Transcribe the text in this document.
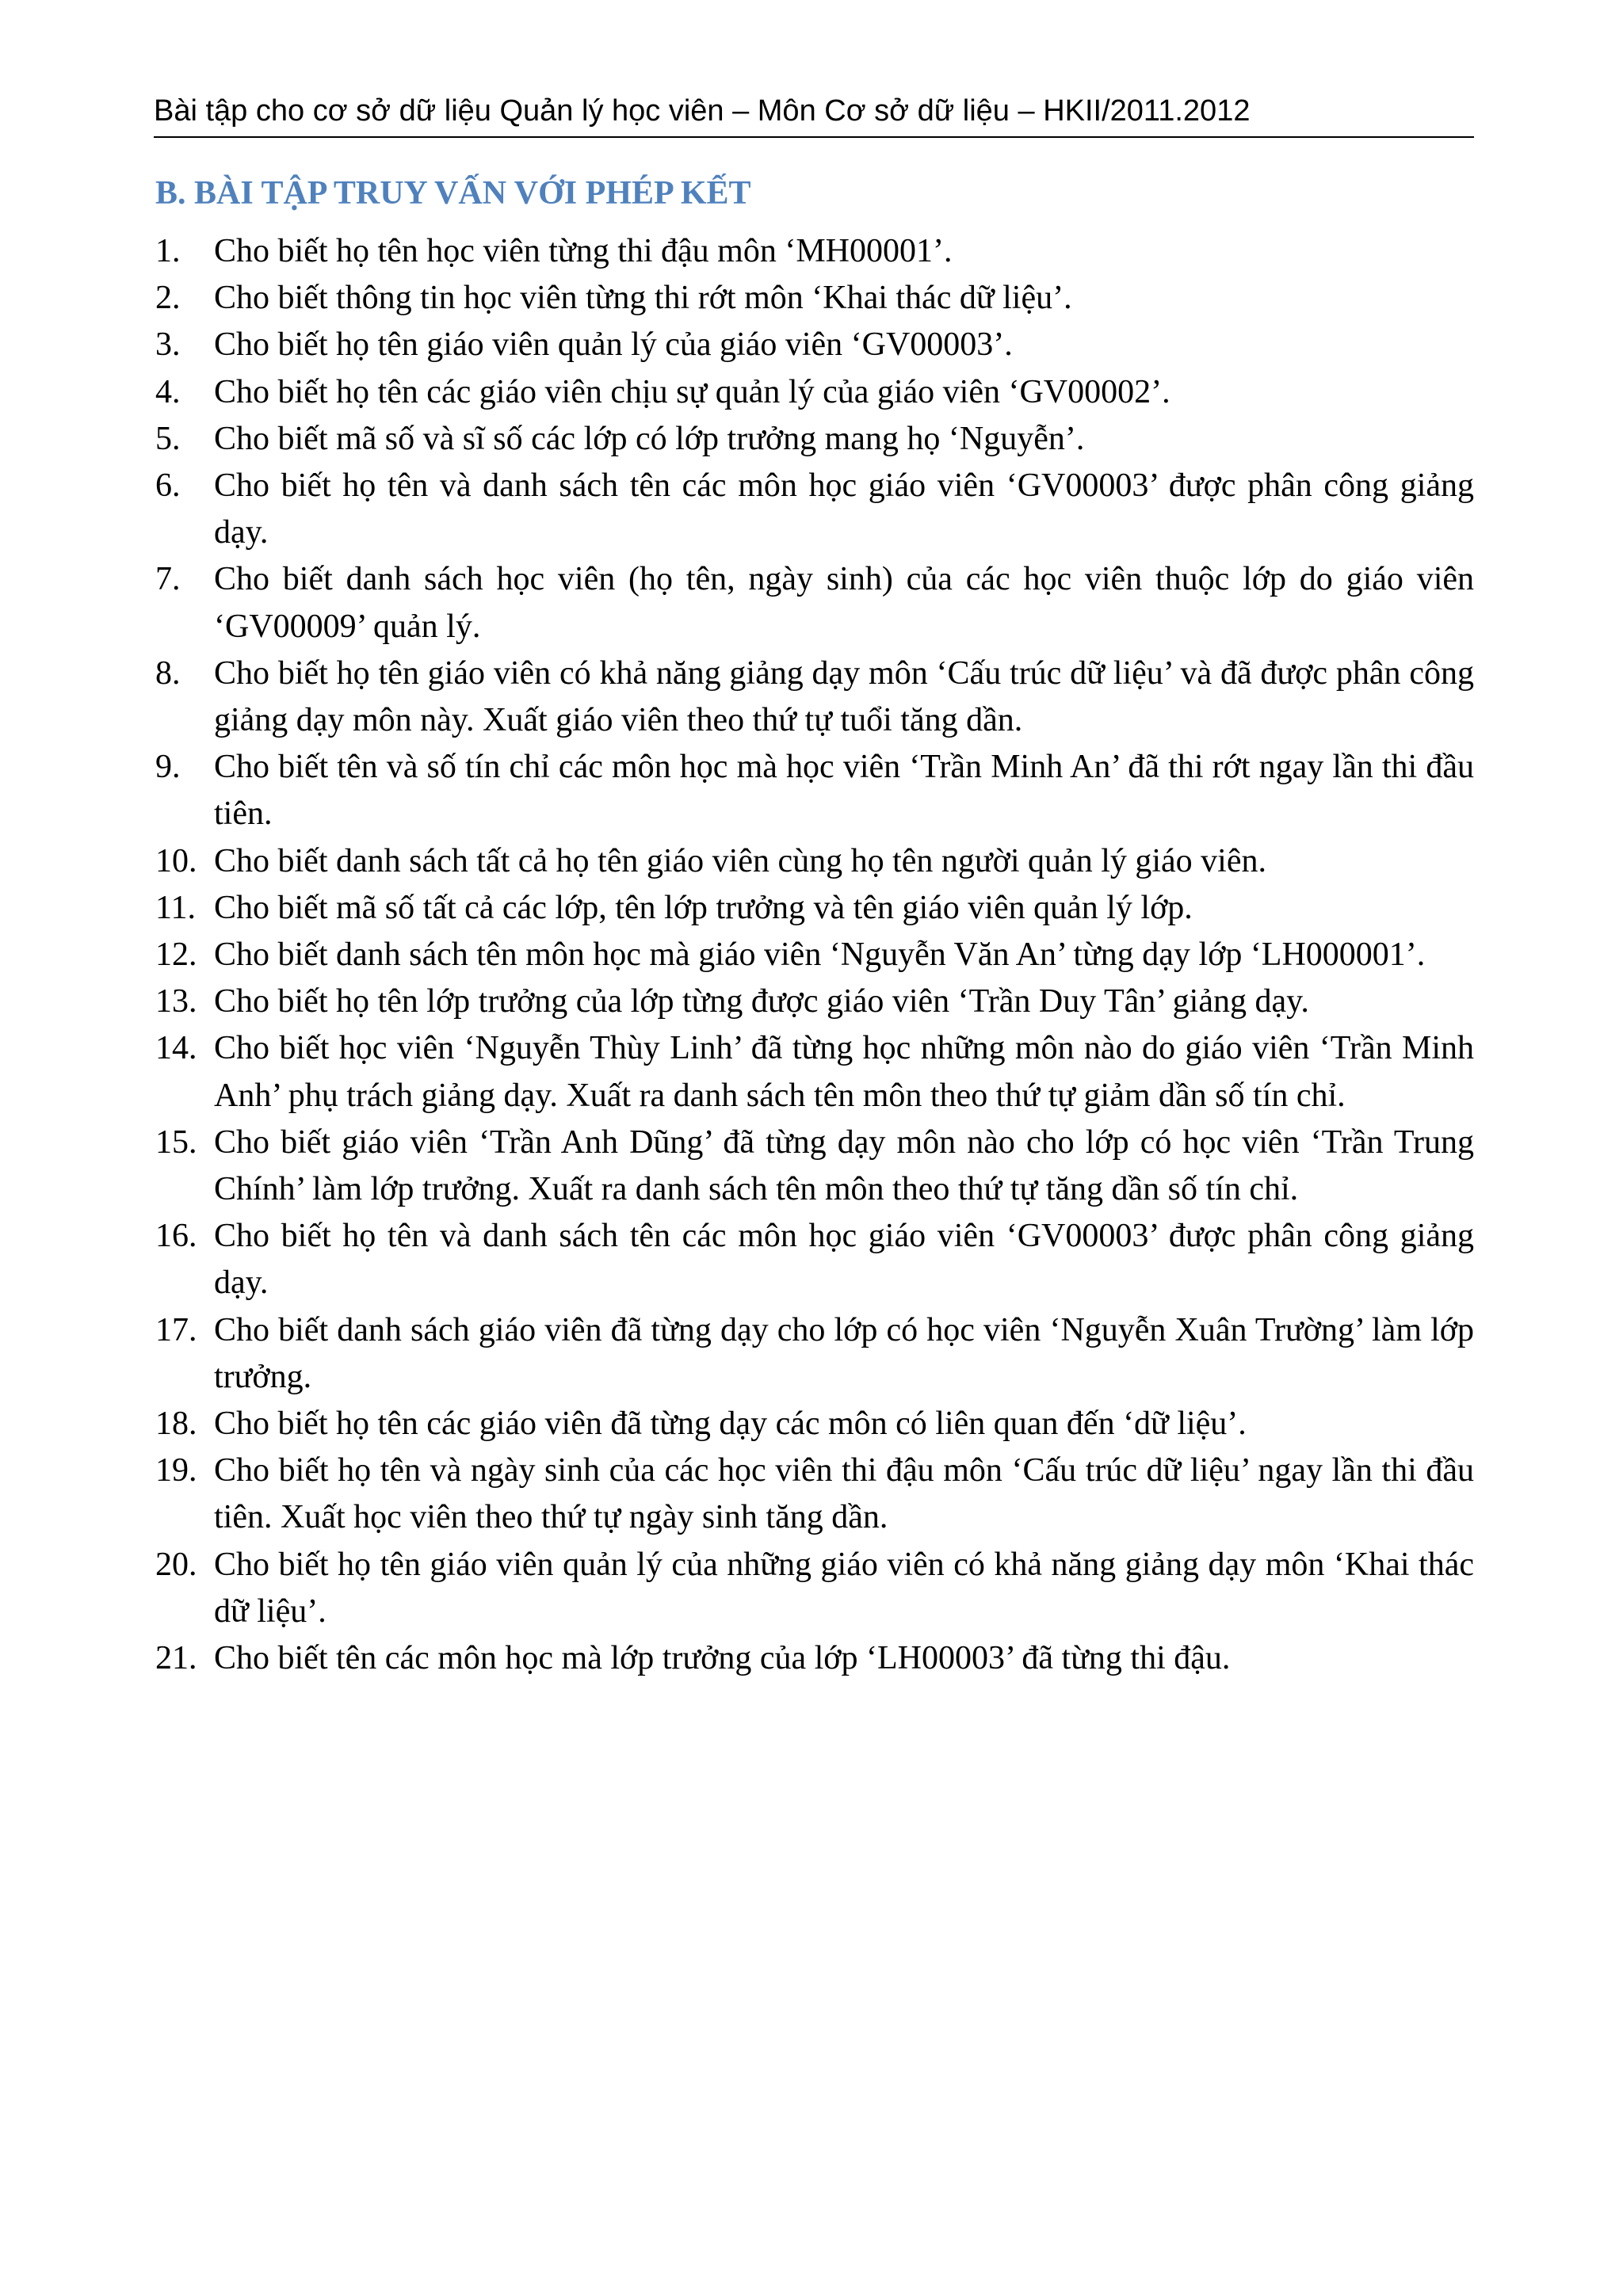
Bài tập cho cơ sở dữ liệu Quản lý học viên – Môn Cơ sở dữ liệu – HKII/2011.2012
B. BÀI TẬP TRUY VẤN VỚI PHÉP KẾT
1. Cho biết họ tên học viên từng thi đậu môn ‘MH00001’.
2. Cho biết thông tin học viên từng thi rớt môn ‘Khai thác dữ liệu’.
3. Cho biết họ tên giáo viên quản lý của giáo viên ‘GV00003’.
4. Cho biết họ tên các giáo viên chịu sự quản lý của giáo viên ‘GV00002’.
5. Cho biết mã số và sĩ số các lớp có lớp trưởng mang họ ‘Nguyễn’.
6. Cho biết họ tên và danh sách tên các môn học giáo viên ‘GV00003’ được phân công giảng dạy.
7. Cho biết danh sách học viên (họ tên, ngày sinh) của các học viên thuộc lớp do giáo viên ‘GV00009’ quản lý.
8. Cho biết họ tên giáo viên có khả năng giảng dạy môn ‘Cấu trúc dữ liệu’ và đã được phân công giảng dạy môn này. Xuất giáo viên theo thứ tự tuổi tăng dần.
9. Cho biết tên và số tín chỉ các môn học mà học viên ‘Trần Minh An’ đã thi rớt ngay lần thi đầu tiên.
10. Cho biết danh sách tất cả họ tên giáo viên cùng họ tên người quản lý giáo viên.
11. Cho biết mã số tất cả các lớp, tên lớp trưởng và tên giáo viên quản lý lớp.
12. Cho biết danh sách tên môn học mà giáo viên ‘Nguyễn Văn An’ từng dạy lớp ‘LH000001’.
13. Cho biết họ tên lớp trưởng của lớp từng được giáo viên ‘Trần Duy Tân’ giảng dạy.
14. Cho biết học viên ‘Nguyễn Thùy Linh’ đã từng học những môn nào do giáo viên ‘Trần Minh Anh’ phụ trách giảng dạy. Xuất ra danh sách tên môn theo thứ tự giảm dần số tín chỉ.
15. Cho biết giáo viên ‘Trần Anh Dũng’ đã từng dạy môn nào cho lớp có học viên ‘Trần Trung Chính’ làm lớp trưởng. Xuất ra danh sách tên môn theo thứ tự tăng dần số tín chỉ.
16. Cho biết họ tên và danh sách tên các môn học giáo viên ‘GV00003’ được phân công giảng dạy.
17. Cho biết danh sách giáo viên đã từng dạy cho lớp có học viên ‘Nguyễn Xuân Trường’ làm lớp trưởng.
18. Cho biết họ tên các giáo viên đã từng dạy các môn có liên quan đến ‘dữ liệu’.
19. Cho biết họ tên và ngày sinh của các học viên thi đậu môn ‘Cấu trúc dữ liệu’ ngay lần thi đầu tiên. Xuất học viên theo thứ tự ngày sinh tăng dần.
20. Cho biết họ tên giáo viên quản lý của những giáo viên có khả năng giảng dạy môn ‘Khai thác dữ liệu’.
21. Cho biết tên các môn học mà lớp trưởng của lớp ‘LH00003’ đã từng thi đậu.
